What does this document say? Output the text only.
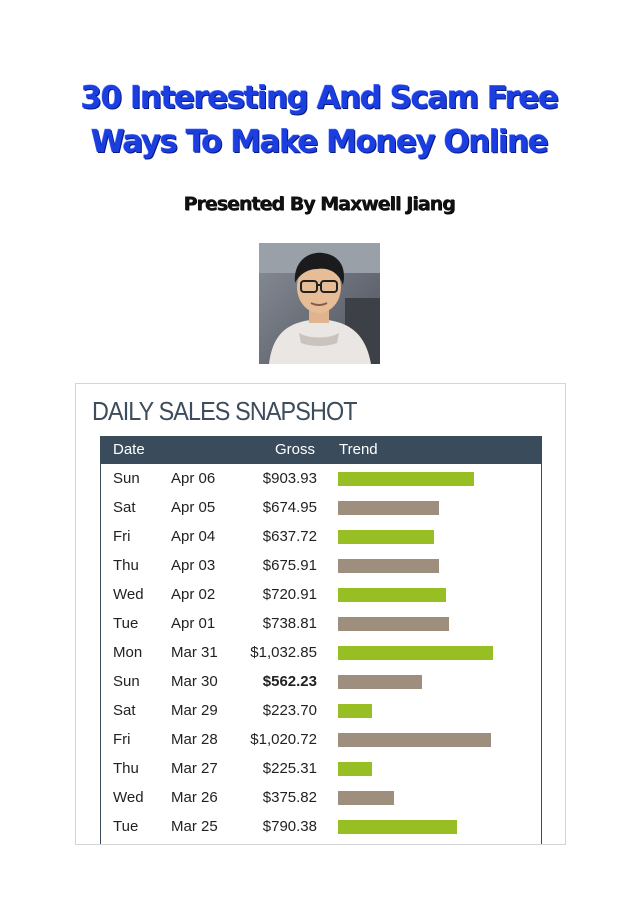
30 Interesting And Scam Free
Ways To Make Money Online
Presented By Maxwell Jiang
DAILY SALES SNAPSHOT
Date	Gross Trend
Sun Apr 06	$903.93
Sat Apr 05	$674.95
Fri	Apr 04	$637.72
Thu Apr 03	$675.91
Wed Apr 02	$720.91
Tue Apr 01	$738.81
Mon Mar 31 $1,032.85
Sun Mar 30	$562.23
Sat Mar 29	$223.70
Fri	Mar 28 $1,020.72
Thu Mar 27	$225.31
Wed Mar 26	$375.82
Tue Mar 25	$790.38
